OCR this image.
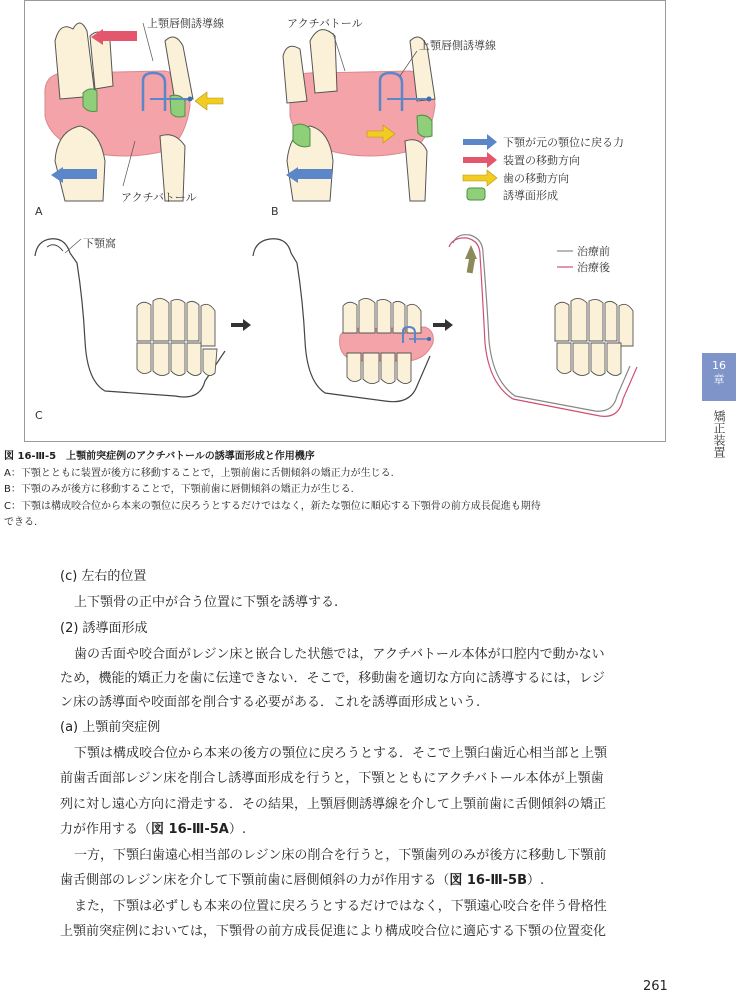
上顎唇側誘導線
アクチバトール
A
アクチバトール
上顎唇側誘導線
B
下顎が元の顎位に戻る力
装置の移動方向
歯の移動方向
誘導面形成
下顎窩
C
治療前
治療後
図 16-Ⅲ-5　上顎前突症例のアクチバトールの誘導面形成と作用機序
A：下顎とともに装置が後方に移動することで，上顎前歯に舌側傾斜の矯正力が生じる.
B：下顎のみが後方に移動することで，下顎前歯に唇側傾斜の矯正力が生じる.
C：下顎は構成咬合位から本来の顎位に戻ろうとするだけではなく，新たな顎位に順応する下顎骨の前方成長促進も期待
できる.
(c) 左右的位置
上下顎骨の正中が合う位置に下顎を誘導する.
(2) 誘導面形成
歯の舌面や咬合面がレジン床と嵌合した状態では，アクチバトール本体が口腔内で動かない
ため，機能的矯正力を歯に伝達できない．そこで，移動歯を適切な方向に誘導するには，レジ
ン床の誘導面や咬面部を削合する必要がある．これを誘導面形成という.
(a) 上顎前突症例
下顎は構成咬合位から本来の後方の顎位に戻ろうとする．そこで上顎臼歯近心相当部と上顎
前歯舌面部レジン床を削合し誘導面形成を行うと，下顎とともにアクチバトール本体が上顎歯
列に対し遠心方向に滑走する．その結果，上顎唇側誘導線を介して上顎前歯に舌側傾斜の矯正
力が作用する（図 16-Ⅲ-5A）.
一方，下顎臼歯遠心相当部のレジン床の削合を行うと，下顎歯列のみが後方に移動し下顎前
歯舌側部のレジン床を介して下顎前歯に唇側傾斜の力が作用する（図 16-Ⅲ-5B）.
また，下顎は必ずしも本来の位置に戻ろうとするだけではなく，下顎遠心咬合を伴う骨格性
上顎前突症例においては，下顎骨の前方成長促進により構成咬合位に適応する下顎の位置変化
16
章
矯正装置
261
